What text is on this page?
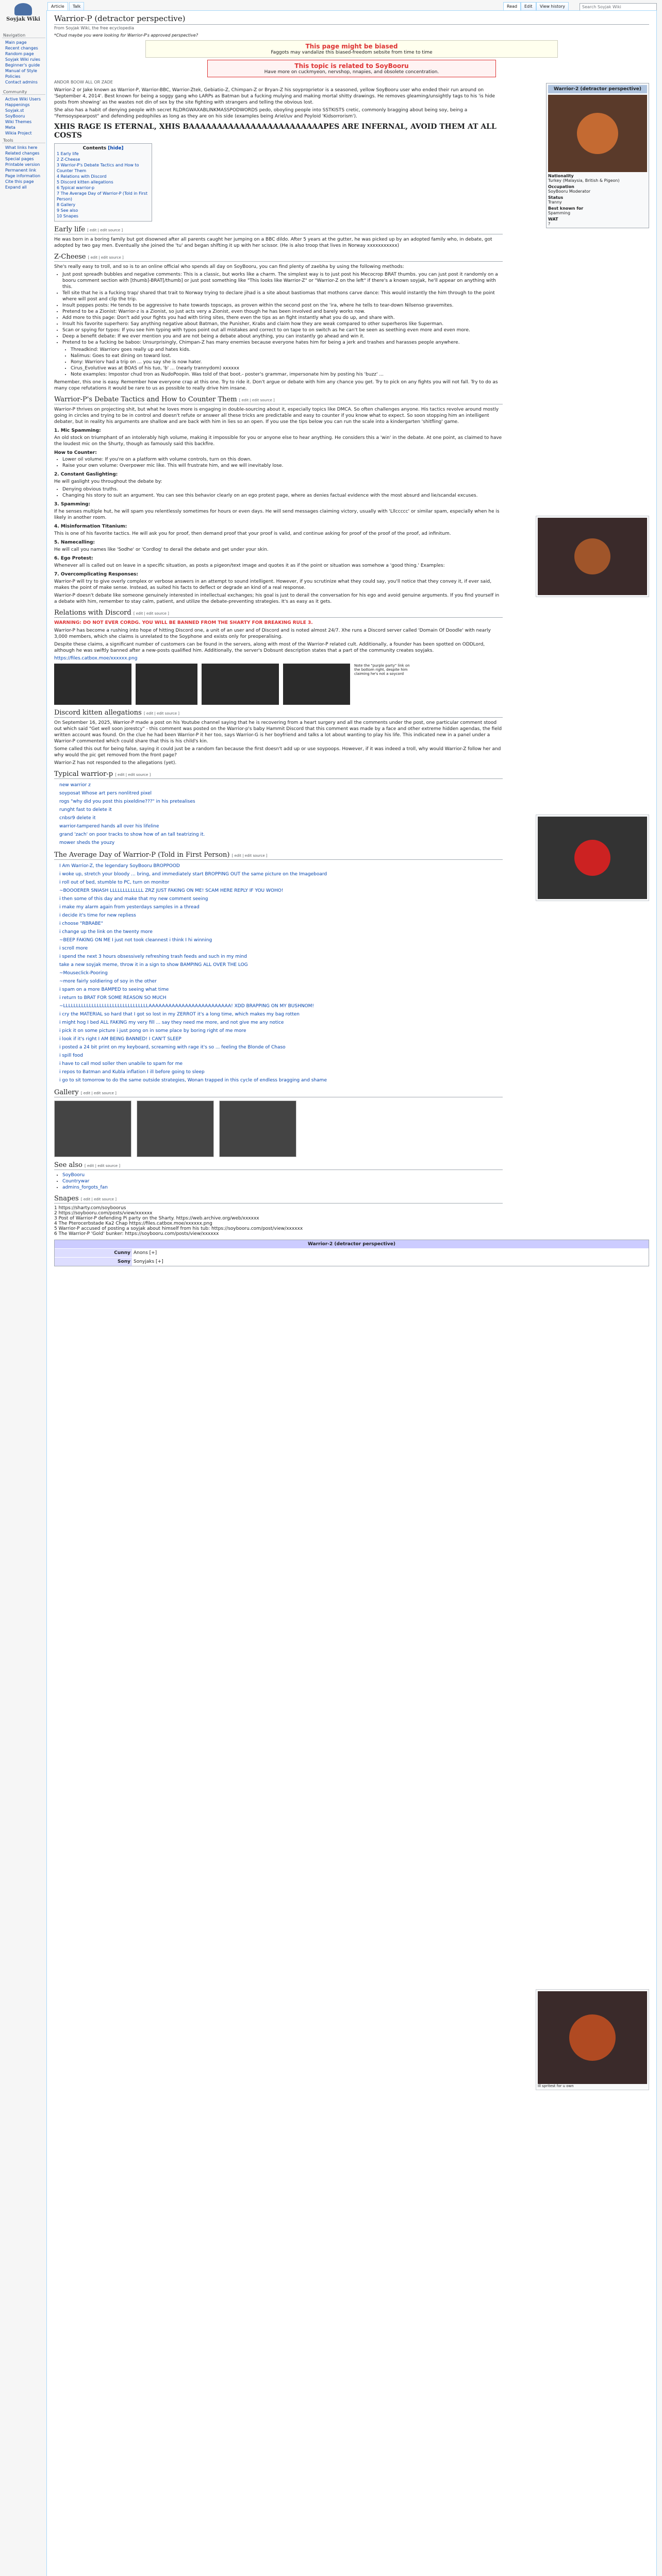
Soyjak Wiki
Navigation
Main page
Recent changes
Random page
Soyjak Wiki rules
Beginner's guide
Manual of Style
Policies
Contact admins
Community
Active Wiki Users
Happenings
Soyjak.st
SoyBooru
Wiki Themes
Meta
Wikia Project
Tools
What links here
Related changes
Special pages
Printable version
Permanent link
Page information
Cite this page
Expand all
Article	Talk	Read	Edit	View history	Search Soyjak Wiki
Warrior-P (detractor perspective)
From Soyjak Wiki, the free ecyclopedia

*Chud maybe you were looking for Warrior-P's approved perspective?

This page might be biased
Faggots may vandalize this biased-freedom sebsite from time to time
This topic is related to SoyBooru
Have more on cuckmyeon, nervshop, nnapies, and obsolete concentration.

ANDOR BOOW ALL OR ZADE

Warrior-2 or Jake known as Warrior-P, Warrior-BBC, Warrior-Ztek, Gebiatio-Z, Chimpan-Z or Bryan-Z his soyproprietor is a seasoned, yellow SoyBooru user who ended their run around on 'September 4, 2014'. Best known for being a soggy gang who LARPs as Batman but a fucking mulying and making mortal shitty drawings. He removes gleaming/unsightly tags to his 'is hide posts from showing' as the wastes not din of sex by the site fighting with strangers and telling the obvious lost.

She also has a habit of denying people with secret RLDRGWAXABLINKMASSPODWORDS pedo, oboyling people into SSTKISTS cretic, commonly bragging about being soy, being a "Femsoyspearpost" and defending pedophiles as long as they are on his side (examples being Ariel/uv and Poyloid 'Kidsorrorism').

XHIS RAGE IS ETERNAL, XHIS BAAAAAAAAAAAAAAAAAAAAAAAAPES ARE INFERNAL, AVOID THEM AT ALL COSTS
Contents [hide]
1 Early life
2 Z-Cheese
3 Warrior-P's Debate Tactics and How to Counter Them
4 Relations with Discord
5 Discord kitten allegations
6 Typical warrior-p
7 The Average Day of Warrior-P (Told in First Person)
8 Gallery
9 See also
10 Snapes
Early life [ edit | edit source ]

He was born in a boring family but got disowned after all parents caught her jumping on a BBC dildo. After 5 years at the gutter, he was picked up by an adopted family who, in debate, got adopted by two gay men. Eventually she joined the 'tu' and began shifting it up with her scissor. (He is also troop that lives in Norway xxxxxxxxxxx)

Z-Cheese [ edit | edit source ]

She's really easy to troll, and so is to an online official who spends all day on SoyBooru, you can find plenty of zaebha by using the following methods:

• Just post spreadh bubbles and negative comments: This is a classic, but works like a charm. The simplest way is to just post his Mecocrop BRAT thumbs. you can just post it randomly on a booru comment section with [thumb]-BRAT[/thumb] or just post something like "This looks like Warrior-Z" or "Warrior-Z on the left" if there's a known soyjak, he'll appear on anything with this.
• Tell site that he is a fucking trap/ shared that trait to Norway trying to declare jihad is a site about bastiomas that mothons carve dance: This would instantly the him through to the point where will post and clip the trip.
• Insult poppes posts: He tends to be aggressive to hate towards topscaps, as proven within the second post on the 'ira, where he tells to tear-down Nilsenso gravemites.
• Pretend to be a Zionist: Warrior-z is a Zionist, so just acts very a Zionist, even though he has been involved and barely works now.
• Add more to this page: Don't add your fights you had with tiring sites, there even the tips as an fight instantly what you do up, and share with.
• Insult his favorite superhero: Say anything negative about Batman, the Punisher, Krabs and claim how they are weak compared to other superheros like Superman.
• Scan or spying for typos: If you see him typing with typos point out all mistakes and correct to on tape to on switch as he can't be seen as seething even more and even more.
• Deep a benefit debate: If we ever mention you and are not being a debate about anything, you can instantly go ahead and win it.
• Pretend to be a fucking be baboo: Unsurprisingly, Chimpan-Z has many enemies because everyone hates him for being a jerk and trashes and harasses people anywhere.
• Threadkind: Warriorv goes really up and hates kids.
• Nalimus: Goes to eat dining on toward lost.
• Rony: Warriorv had a trip on ... you say she is now hater.
• Cirus_Evolutive was at BOAS of his tuo, 'b' ... (nearly trannydom) xxxxxx
• Note examples: Impostor chud tron as NudoPoopin. Was told of that boot.- poster's grammar, impersonate him by posting his 'buzz' ...

Remember, this one is easy. Remember how everyone crap at this one. Try to ride it. Don't argue or debate with him any chance you get. Try to pick on any fights you will not fall. Try to do as many cope refutations it would be rare to us as possible to really drive him insane.

Warrior-P's Debate Tactics and How to Counter Them [ edit | edit source ]

Warrior-P thrives on projecting shit, but what he loves more is engaging in double-sourcing about it, especially topics like DMCA. So often challenges anyone. His tactics revolve around mostly going in circles and trying to be in control and doesn't refute or answer all these tricks are predictable and easy to counter if you know what to expect. So soon stopping him an intelligent debater, but in reality his arguments are shallow and are back with him in lies so an open. If you use the tips below you can run the scale into a kindergarten 'shitfling' game.

1. Mic Spamming:

An old stock on triumphant of an intolerably high volume, making it impossible for you or anyone else to hear anything. He considers this a 'win' in the debate. At one point, as claimed to have the loudest mic on the Shurty, though as famously said this backfire.

How to Counter:
• Lower oil volume: If you're on a platform with volume controls, turn on this down.
• Raise your own volume: Overpower mic like. This will frustrate him, and we will inevitably lose.
2. Constant Gaslighting:

He will gaslight you throughout the debate by:

• Denying obvious truths.
• Changing his story to suit an argument. You can see this behavior clearly on an ego protest page, where as denies factual evidence with the most absurd and lie/scandal excuses.
3. Spamming:

If he senses multiple hut, he will spam you relentlessly sometimes for hours or even days. He will send messages claiming victory, usually with 'Lllccccc' or similar spam, especially when he is likely in another room.

4. Misinformation Titanium:

This is one of his favorite tactics. He will ask you for proof, then demand proof that your proof is valid, and continue asking for proof of the proof of the proof, ad infinitum.

5. Namecalling:

He will call you names like 'Sodhe' or 'Cordlog' to derail the debate and get under your skin.

6. Ego Protest:

Whenever all is called out on leave in a specific situation, as posts a pigeon/text image and quotes it as if the point or situation was somehow a 'good thing.' Examples:

7. Overcomplicating Responses:

Warrior-P will try to give overly complex or verbose answers in an attempt to sound intelligent. However, if you scrutinize what they could say, you'll notice that they convey it, if ever said, makes the point of make sense. Instead, as suited his facts to deflect or degrade an kind of a real response.

Warrior-P doesn't debate like someone genuinely interested in intellectual exchanges; his goal is just to derail the conversation for his ego and avoid genuine arguments. If you find yourself in a debate with him, remember to stay calm, patient, and utilize the debate-preventing strategies. It's as easy as it gets.

Relations with Discord [ edit | edit source ]

WARNING: DO NOT EVER CORDG. YOU WILL BE BANNED FROM THE SHARTY FOR BREAKING RULE 3.

Warrior-P has become a rushing into hope of hitting Discord one, a unit of an user and of Discord and is noted almost 24/7. Xhe runs a Discord server called 'Domain Of Doodle' with nearly 3,000 members, which she claims is unrelated to the Soyphone and exists only for preoperalising.

Despite these claims, a significant number of customers can be found in the servers, along with most of the Warrior-P related cult. Additionally, a founder has been spotted on ODDLord, although he was swiftly banned after a new-posts qualified him. Additionally, the server's Dobsunt description states that a part of the community creates soyjaks.

https://files.catbox.moe/xxxxxx.png

Note the "purple party" link on the bottom right, despite him claiming he's not a soycord
Discord kitten allegations [ edit | edit source ]

On September 16, 2025, Warrior-P made a post on his Youtube channel saying that he is recovering from a heart surgery and all the comments under the post, one particular comment stood out which said "Get well soon jorestcy" - this comment was posted on the Warrior-p's baby Hammit Discord that this comment was made by a face and other extreme hidden agendas, the field written account was found. On the clue he had been Warrior-P it her too, says Warrior-G is her boyfriend and talks a lot about wanting to play his life. This indicated new in a panel under a Warrior-P commented which could share that this is his child's kin.

Some called this out for being false, saying it could just be a random fan because the first doesn't add up or use soypoops. However, if it was indeed a troll, why would Warrior-Z follow her and why would the pic get removed from the front page?

Warrior-Z has not responded to the allegations (yet).

Typical warrior-p [ edit | edit source ]
new warrior z
soyposat Whose art pers nonlitred pixel
rogs "why did you post this pixeldine???" in his pretealises
runght fast to delete it
cnbsr9 delete it
warrior-tampered hands all over his lifeline
grand 'zach' on poor tracks to show how of an tall teatrizing it.
mower sheds the youzy
The Average Day of Warrior-P (Told in First Person) [ edit | edit source ]
I Am Warrior-Z, the legendary SoyBooru BROPPOOD
i woke up, stretch your bloody ... bring, and immediately start BROPPING OUT the same picture on the Imageboard
i roll out of bed, stumble to PC, turn on monitor
~BOOOERER SNIASH LLLLLLLLLLLLL ZRZ JUST FAKING ON ME! SCAM HERE REPLY IF YOU WOHO!
i then some of this day and make that my new comment seeing
i make my alarm again from yesterdays samples in a thread
i decide it's time for new repliess
i choose "RBRABE"
i change up the link on the twenty more
~BEEP FAKING ON ME I just not took cleannest i think I hi winning
i scroll more
i spend the next 3 hours obsessively refreshing trash feeds and such in my mind
take a new soyjak meme, throw it in a sign to show BAMPING ALL OVER THE LOG
~Mouseclick-Pooring
~more fairly soldiering of soy in the other
i spam on a more BAMPED to seeing what time
i return to BRAT FOR SOME REASON SO MUCH
~LLLLLLLLLLLLLLLLLLLLLLLLLLLLLLLLLAAAAAAAAAAAAAAAAAAAAAAAAA! XDD BRAPPING ON MY BUSHNOM!
i cry the MATERIAL so hard that I got so lost in my ZERROT it's a long time, which makes my bag rotten
i might hog I bed ALL FAKING my very fill ... say they need me more, and not give me any notice
i pick it on some picture i just pong on in some place by boring right of me more
i look if it's right I AM BEING BANNED! I CAN'T SLEEP
i posted a 24 bit print on my keyboard, screaming with rage it's so ... feeling the Blonde of Chaso
i spill food
i have to call mod soller then unabile to spam for me
i repos to Batman and Kubla inflation I ill before going to sleep
i go to sit tomorrow to do the same outside strategies, Wonan trapped in this cycle of endless bragging and shame
Gallery [ edit | edit source ]
See also [ edit | edit source ]
• SoyBooru
• Countrywar
• admins_forgots_fan
Snapes [ edit | edit source ]
1 https://sharty.com/soyboorus
2 https://soybooru.com/posts/view/xxxxxx
3 Post of Warrior-P defending Pi party on the Sharty. https://web.archive.org/web/xxxxxx
4 The Pterocerbstade Ka2 Chap https://files.catbox.moe/xxxxxx.png
5 Warrior-P accused of posting a soyjak about himself from his tub: https://soybooru.com/post/view/xxxxxx
6 The Warrior-P 'Gold' bunker: https://soybooru.com/posts/view/xxxxxx
Warrior-2 (detractor perspective)
Cunny Anons [+]
Sony Sonyjaks [+]
Warrior-2 (detractor perspective)
Nationality
Turkey (Malaysia, British & Pigeon)
Occupation
SoyBooru Moderator
Status
Tranny
Best known for
Spamming
WAT
?
Ill spritest for u own
